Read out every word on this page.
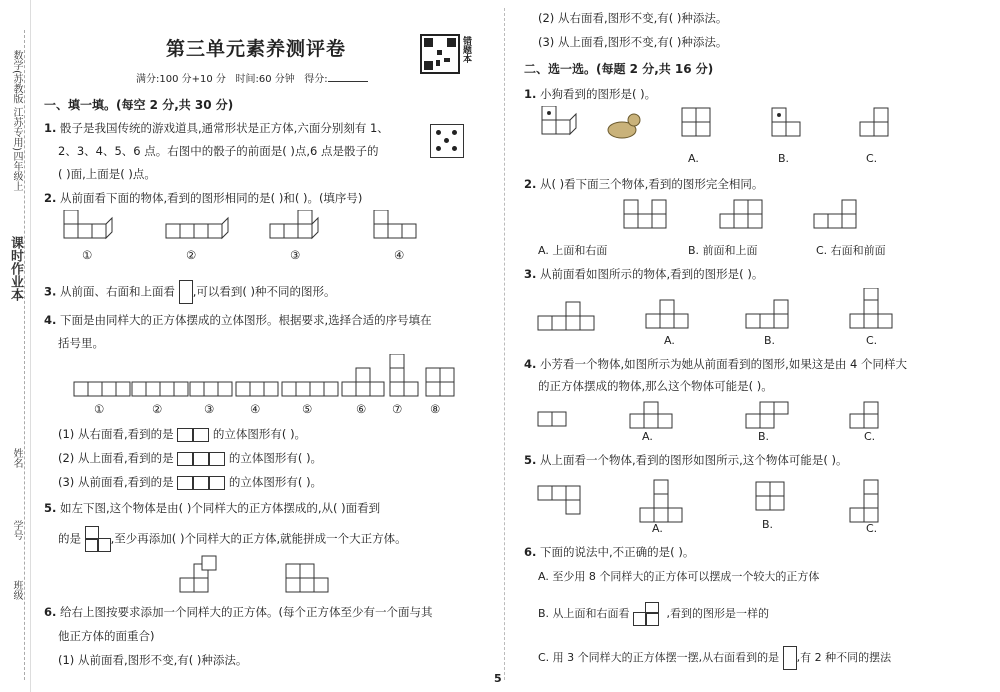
课时作业本
数学(苏教版 江苏专用)四年级上
班级
姓名
学号
第三单元素养测评卷	错题本
满分:100 分+10 分 时间:60 分钟 得分:
一、填一填。(每空 2 分,共 30 分)
1. 骰子是我国传统的游戏道具,通常形状是正方体,六面分别刻有 1、
2、3、4、5、6 点。右图中的骰子的前面是( )点,6 点是骰子的
( )面,上面是( )点。
2. 从前面看下面的物体,看到的图形相同的是( )和( )。(填序号)
①	②	③	④
3. 从前面、右面和上面看 ,可以看到( )种不同的图形。
4. 下面是由同样大的正方体摆成的立体图形。根据要求,选择合适的序号填在
括号里。
①	②	③	④	⑤	⑥ ⑦ ⑧
(1) 从右面看,看到的是	的立体图形有( )。
(2) 从上面看,看到的是	的立体图形有( )。
(3) 从前面看,看到的是	的立体图形有( )。
5. 如左下图,这个物体是由( )个同样大的正方体摆成的,从( )面看到
的是	,至少再添加( )个同样大的正方体,就能拼成一个大正方体。
6. 给右上图按要求添加一个同样大的正方体。(每个正方体至少有一个面与其
他正方体的面重合)
(1) 从前面看,图形不变,有( )种添法。
(2) 从右面看,图形不变,有( )种添法。
(3) 从上面看,图形不变,有( )种添法。
二、选一选。(每题 2 分,共 16 分)
1. 小狗看到的图形是( )。
A.	B.	C.
2. 从( )看下面三个物体,看到的图形完全相同。
A. 上面和右面	B. 前面和上面	C. 右面和前面
3. 从前面看如图所示的物体,看到的图形是( )。
A.	B.	C.
4. 小芳看一个物体,如图所示为她从前面看到的图形,如果这是由 4 个同样大
的正方体摆成的物体,那么这个物体可能是( )。
A.	B.	C.
5. 从上面看一个物体,看到的图形如图所示,这个物体可能是( )。
A.	B.	C.
6. 下面的说法中,不正确的是( )。
A. 至少用 8 个同样大的正方体可以摆成一个较大的正方体
B. 从上面和右面看	,看到的图形是一样的
C. 用 3 个同样大的正方体摆一摆,从右面看到的是 ,有 2 种不同的摆法
5
